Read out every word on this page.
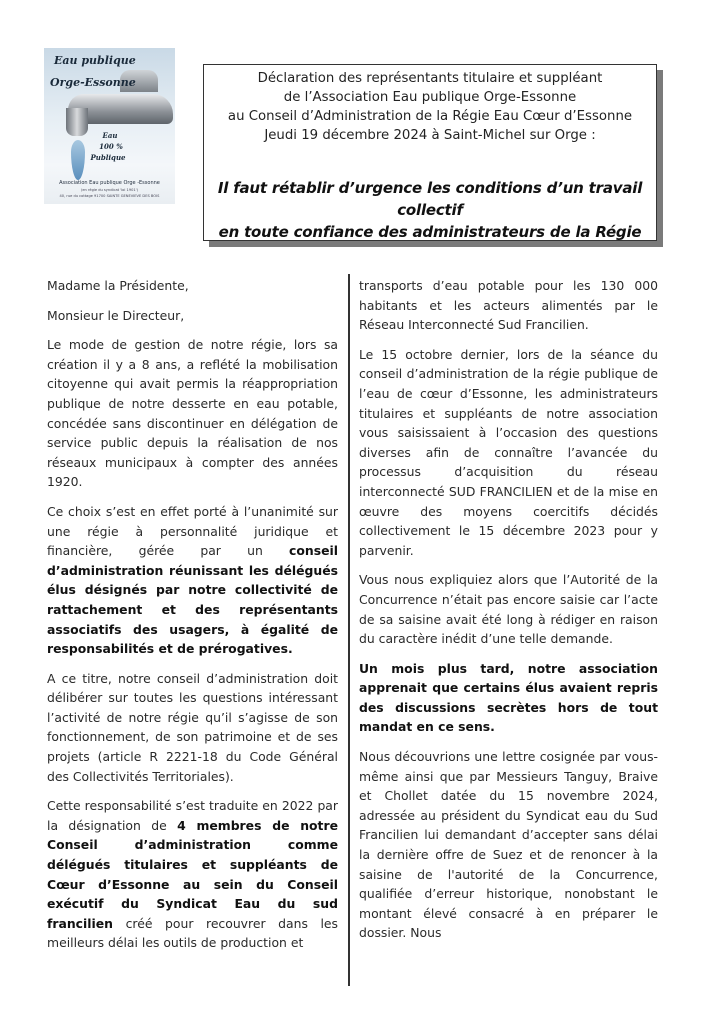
Eau publique
Orge-Essonne
Eau
100 %
Publique
Association Eau publique Orge -Essonne
(en régie du syndicat 'loi 1901')
40, rue du cottage 91700 SAINTE GENEVIEVE DES BOIS
Déclaration des représentants titulaire et suppléant
de l’Association Eau publique Orge-Essonne
au Conseil d’Administration de la Régie Eau Cœur d’Essonne
Jeudi 19 décembre 2024 à Saint-Michel sur Orge :
Il faut rétablir d’urgence les conditions d’un travail collectif
en toute confiance des administrateurs de la Régie

Madame la Présidente,

Monsieur le Directeur,

Le mode de gestion de notre régie, lors sa création il y a 8 ans, a reflété la mobilisation citoyenne qui avait permis la réappropriation publique de notre desserte en eau potable, concédée sans discontinuer en délégation de service public depuis la réalisation de nos réseaux municipaux à compter des années 1920.

Ce choix s’est en effet porté à l’unanimité sur une régie à personnalité juridique et financière, gérée par un conseil d’administration réunissant les délégués élus désignés par notre collectivité de rattachement et des représentants associatifs des usagers, à égalité de responsabilités et de prérogatives.

A ce titre, notre conseil d’administration doit délibérer sur toutes les questions intéressant l’activité de notre régie qu’il s’agisse de son fonctionnement, de son patrimoine et de ses projets (article R 2221-18 du Code Général des Collectivités Territoriales).

Cette responsabilité s’est traduite en 2022 par la désignation de 4 membres de notre Conseil d’administration comme délégués titulaires et suppléants de Cœur d’Essonne au sein du Conseil exécutif du Syndicat Eau du sud francilien créé pour recouvrer dans les meilleurs délai les outils de production et

transports d’eau potable pour les 130 000 habitants et les acteurs alimentés par le Réseau Interconnecté Sud Francilien.

Le 15 octobre dernier, lors de la séance du conseil d’administration de la régie publique de l’eau de cœur d’Essonne, les administrateurs titulaires et suppléants de notre association vous saisissaient à l’occasion des questions diverses afin de connaître l’avancée du processus d’acquisition du réseau interconnecté SUD FRANCILIEN et de la mise en œuvre des moyens coercitifs décidés collectivement le 15 décembre 2023 pour y parvenir.

Vous nous expliquiez alors que l’Autorité de la Concurrence n’était pas encore saisie car l’acte de sa saisine avait été long à rédiger en raison du caractère inédit d’une telle demande.

Un mois plus tard, notre association apprenait que certains élus avaient repris des discussions secrètes hors de tout mandat en ce sens.

Nous découvrions une lettre cosignée par vous-même ainsi que par Messieurs Tanguy, Braive et Chollet datée du 15 novembre 2024, adressée au président du Syndicat eau du Sud Francilien lui demandant d’accepter sans délai la dernière offre de Suez et de renoncer à la saisine de l'autorité de la Concurrence, qualifiée d’erreur historique, nonobstant le montant élevé consacré à en préparer le dossier. Nous
